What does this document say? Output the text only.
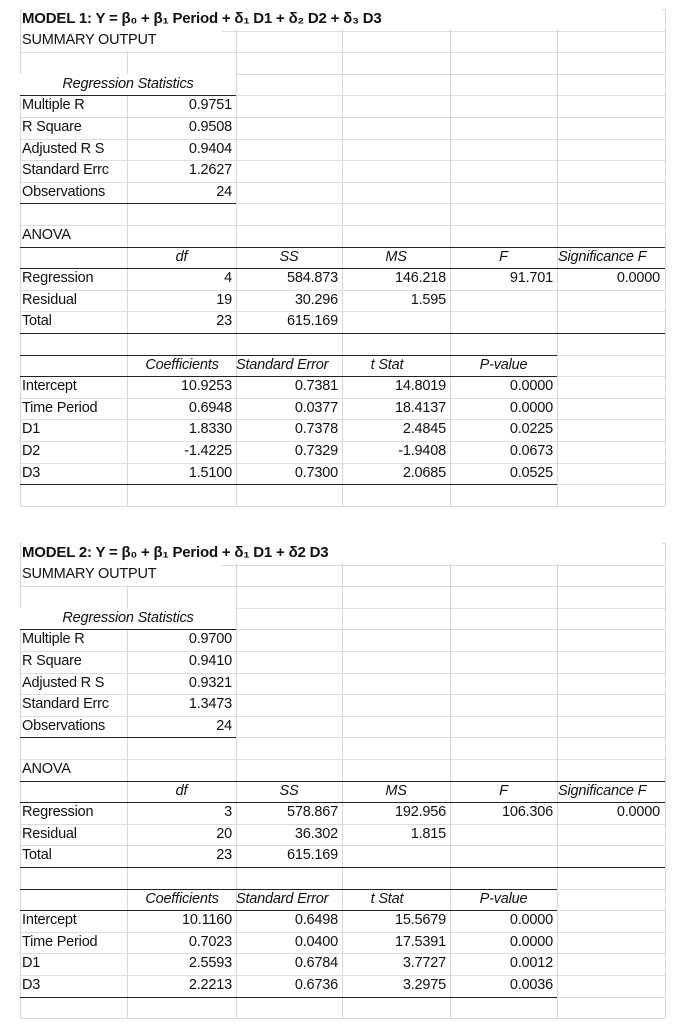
MODEL 1: Y = β₀ + β₁ Period + δ₁ D1 + δ₂ D2 + δ₃ D3
SUMMARY OUTPUT
Regression Statistics
Multiple R	0.9751
R Square	0.9508
Adjusted R S	0.9404
Standard Errc	1.2627
Observations	24
ANOVA
df	SS	MS	F	Significance F
Regression	4	584.873	146.218	91.701	0.0000
Residual	19	30.296	1.595
Total	23	615.169
Coefficients	Standard Error	t Stat	P-value
Intercept	10.9253	0.7381	14.8019	0.0000
Time Period	0.6948	0.0377	18.4137	0.0000
D1	1.8330	0.7378	2.4845	0.0225
D2	-1.4225	0.7329	-1.9408	0.0673
D3	1.5100	0.7300	2.0685	0.0525
MODEL 2: Y = β₀ + β₁ Period + δ₁ D1 + δ2 D3
SUMMARY OUTPUT
Regression Statistics
Multiple R	0.9700
R Square	0.9410
Adjusted R S	0.9321
Standard Errc	1.3473
Observations	24
ANOVA
df	SS	MS	F	Significance F
Regression	3	578.867	192.956	106.306	0.0000
Residual	20	36.302	1.815
Total	23	615.169
Coefficients	Standard Error	t Stat	P-value
Intercept	10.1160	0.6498	15.5679	0.0000
Time Period	0.7023	0.0400	17.5391	0.0000
D1	2.5593	0.6784	3.7727	0.0012
D3	2.2213	0.6736	3.2975	0.0036
